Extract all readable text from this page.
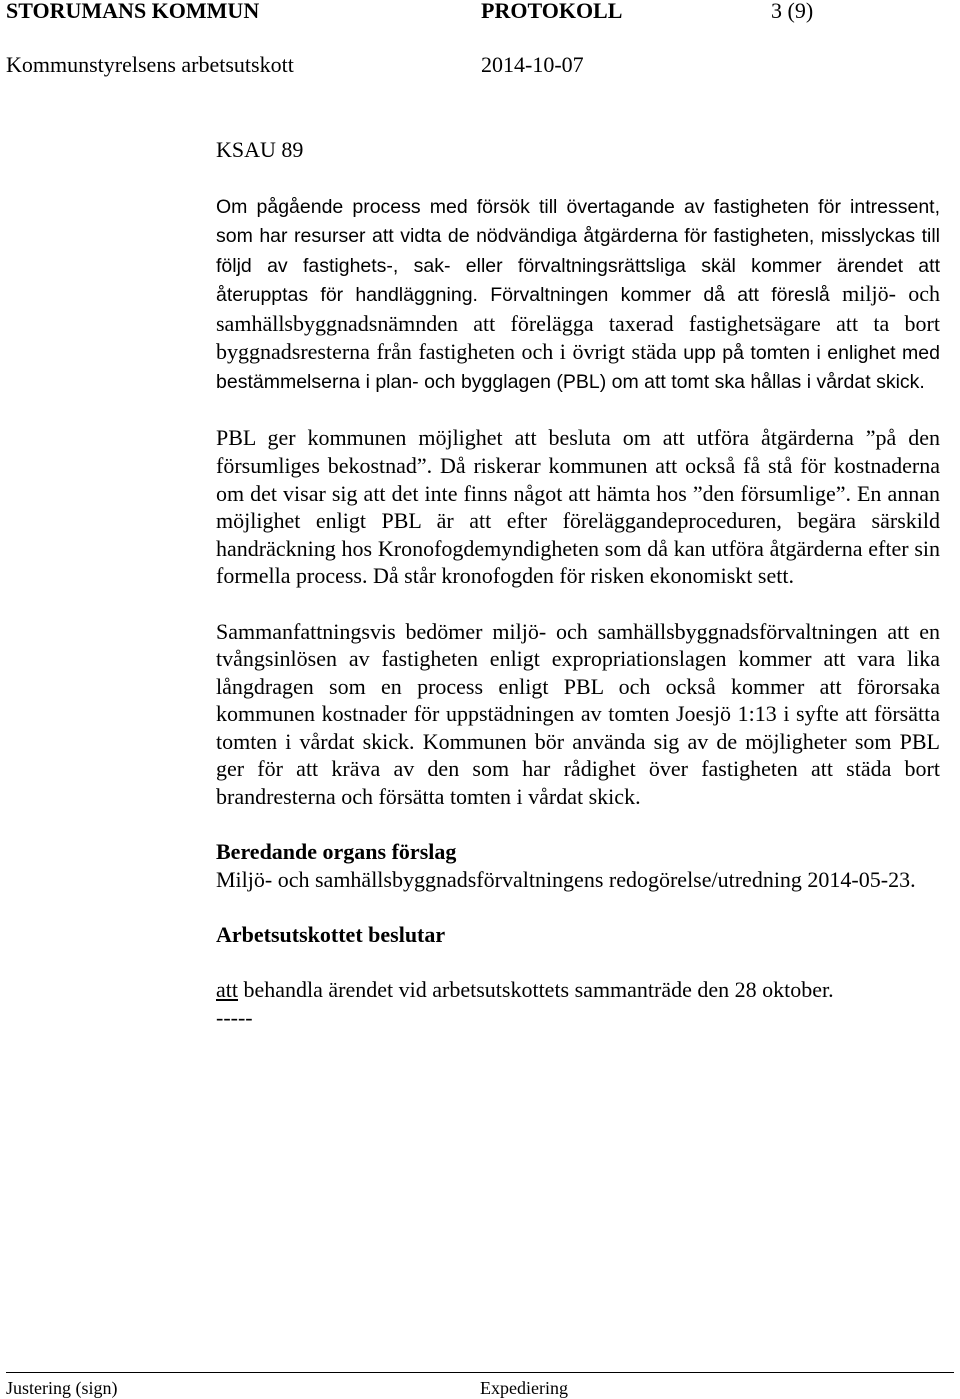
STORUMANS KOMMUN	PROTOKOLL	3 (9)
Kommunstyrelsens arbetsutskott	2014-10-07

KSAU 89

Om pågående process med försök till övertagande av fastigheten för intressent, som har resurser att vidta de nödvändiga åtgärderna för fastigheten, misslyckas till följd av fastighets-, sak- eller förvaltningsrättsliga skäl kommer ärendet att återupptas för handläggning. Förvaltningen kommer då att föreslå miljö- och samhällsbyggnadsnämnden att förelägga taxerad fastighetsägare att ta bort byggnadsresterna från fastigheten och i övrigt städa upp på tomten i enlighet med bestämmelserna i plan- och bygglagen (PBL) om att tomt ska hållas i vårdat skick.

PBL ger kommunen möjlighet att besluta om att utföra åtgärderna ”på den försumliges bekostnad”. Då riskerar kommunen att också få stå för kostnaderna om det visar sig att det inte finns något att hämta hos ”den försumlige”. En annan möjlighet enligt PBL är att efter föreläggandeproceduren, begära särskild handräckning hos Kronofogdemyndigheten som då kan utföra åtgärderna efter sin formella process. Då står kronofogden för risken ekonomiskt sett.

Sammanfattningsvis bedömer miljö- och samhällsbyggnadsförvaltningen att en tvångsinlösen av fastigheten enligt expropriationslagen kommer att vara lika långdragen som en process enligt PBL och också kommer att förorsaka kommunen kostnader för uppstädningen av tomten Joesjö 1:13 i syfte att försätta tomten i vårdat skick. Kommunen bör använda sig av de möjligheter som PBL ger för att kräva av den som har rådighet över fastigheten att städa bort brandresterna och försätta tomten i vårdat skick.

Beredande organs förslag

Miljö- och samhällsbyggnadsförvaltningens redogörelse/utredning 2014-05-23.

Arbetsutskottet beslutar

att behandla ärendet vid arbetsutskottets sammanträde den 28 oktober.

-----

Justering (sign)	Expediering
